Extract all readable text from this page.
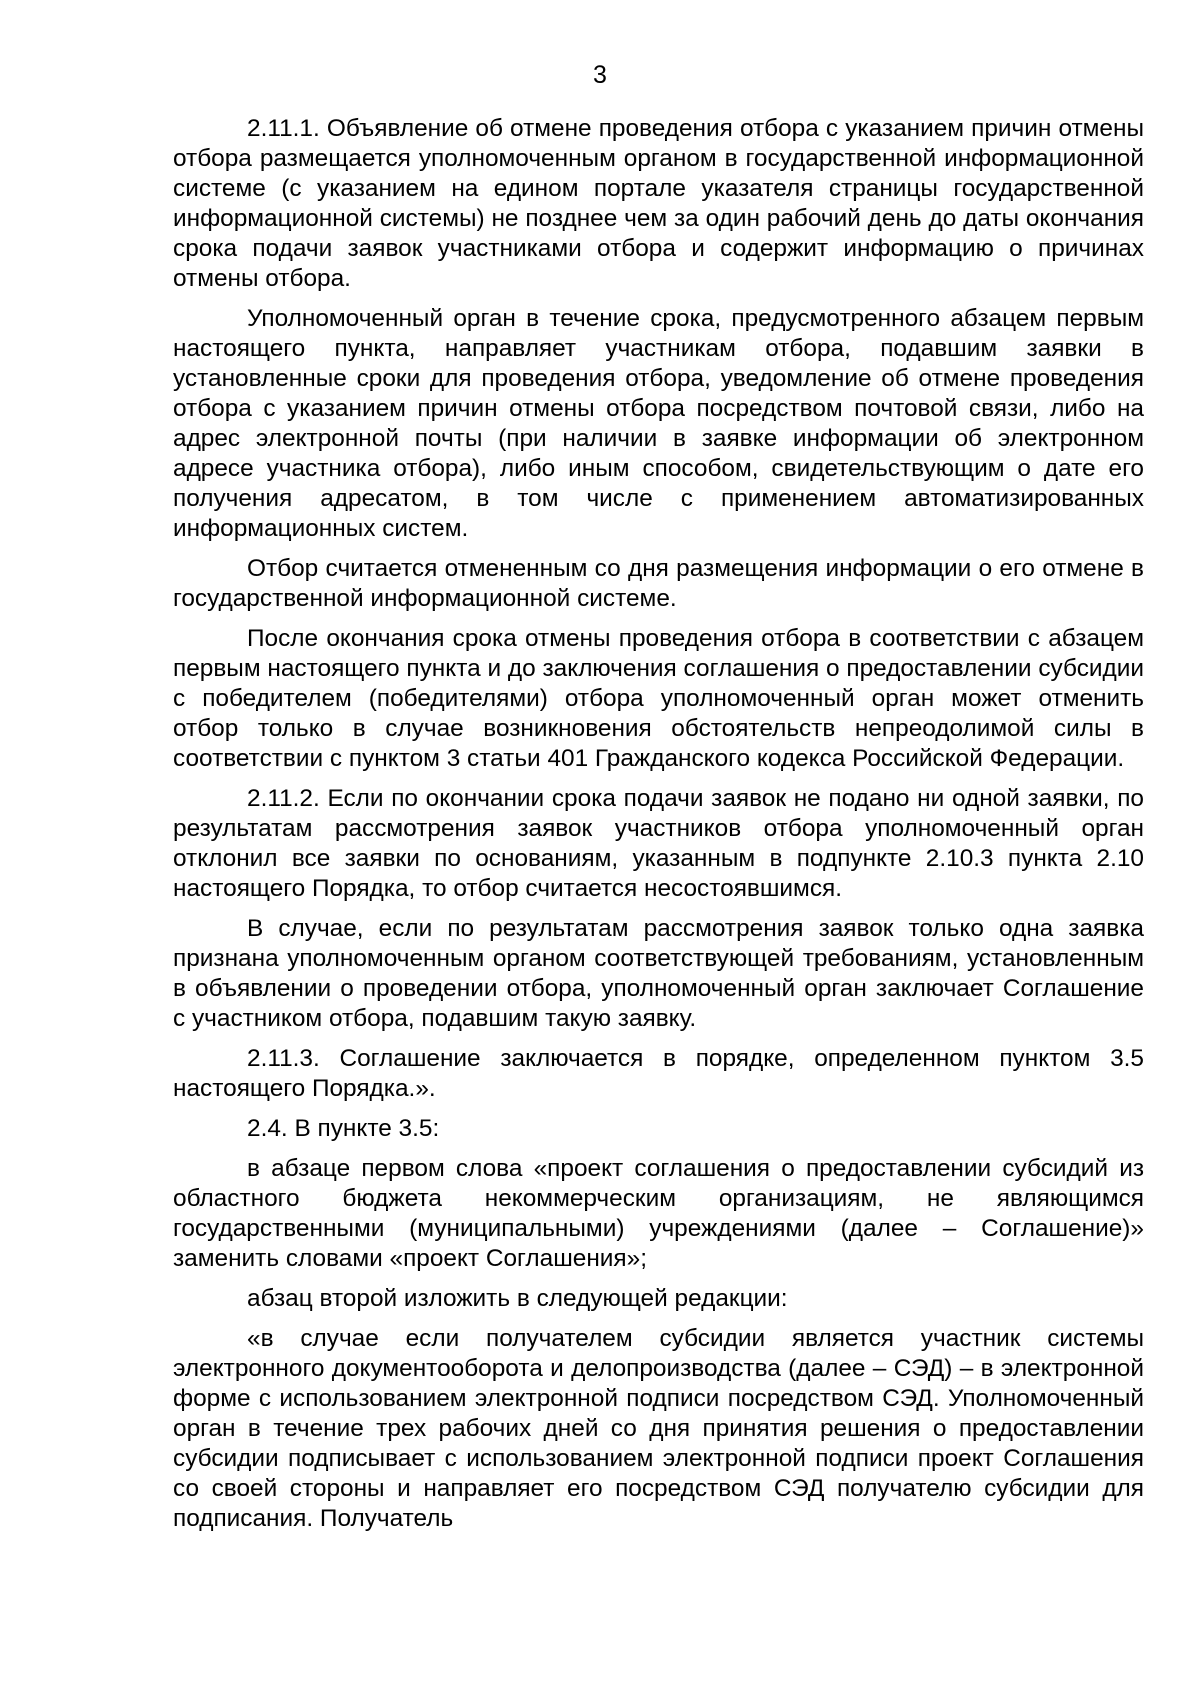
3

2.11.1. Объявление об отмене проведения отбора с указанием причин отмены отбора размещается уполномоченным органом в государственной информационной системе (с указанием на едином портале указателя страницы государственной информационной системы) не позднее чем за один рабочий день до даты окончания срока подачи заявок участниками отбора и содержит информацию о причинах отмены отбора.

Уполномоченный орган в течение срока, предусмотренного абзацем первым настоящего пункта, направляет участникам отбора, подавшим заявки в установленные сроки для проведения отбора, уведомление об отмене проведения отбора с указанием причин отмены отбора посредством почтовой связи, либо на адрес электронной почты (при наличии в заявке информации об электронном адресе участника отбора), либо иным способом, свидетельствующим о дате его получения адресатом, в том числе с применением автоматизированных информационных систем.

Отбор считается отмененным со дня размещения информации о его отмене в государственной информационной системе.

После окончания срока отмены проведения отбора в соответствии с абзацем первым настоящего пункта и до заключения соглашения о предоставлении субсидии с победителем (победителями) отбора уполномоченный орган может отменить отбор только в случае возникновения обстоятельств непреодолимой силы в соответствии с пунктом 3 статьи 401 Гражданского кодекса Российской Федерации.

2.11.2. Если по окончании срока подачи заявок не подано ни одной заявки, по результатам рассмотрения заявок участников отбора уполномоченный орган отклонил все заявки по основаниям, указанным в подпункте 2.10.3 пункта 2.10 настоящего Порядка, то отбор считается несостоявшимся.

В случае, если по результатам рассмотрения заявок только одна заявка признана уполномоченным органом соответствующей требованиям, установленным в объявлении о проведении отбора, уполномоченный орган заключает Соглашение с участником отбора, подавшим такую заявку.

2.11.3. Соглашение заключается в порядке, определенном пунктом 3.5 настоящего Порядка.».

2.4. В пункте 3.5:

в абзаце первом слова «проект соглашения о предоставлении субсидий из областного бюджета некоммерческим организациям, не являющимся государственными (муниципальными) учреждениями (далее – Соглашение)» заменить словами «проект Соглашения»;

абзац второй изложить в следующей редакции:

«в случае если получателем субсидии является участник системы электронного документооборота и делопроизводства (далее – СЭД) – в электронной форме с использованием электронной подписи посредством СЭД. Уполномоченный орган в течение трех рабочих дней со дня принятия решения о предоставлении субсидии подписывает с использованием электронной подписи проект Соглашения со своей стороны и направляет его посредством СЭД получателю субсидии для подписания. Получатель
